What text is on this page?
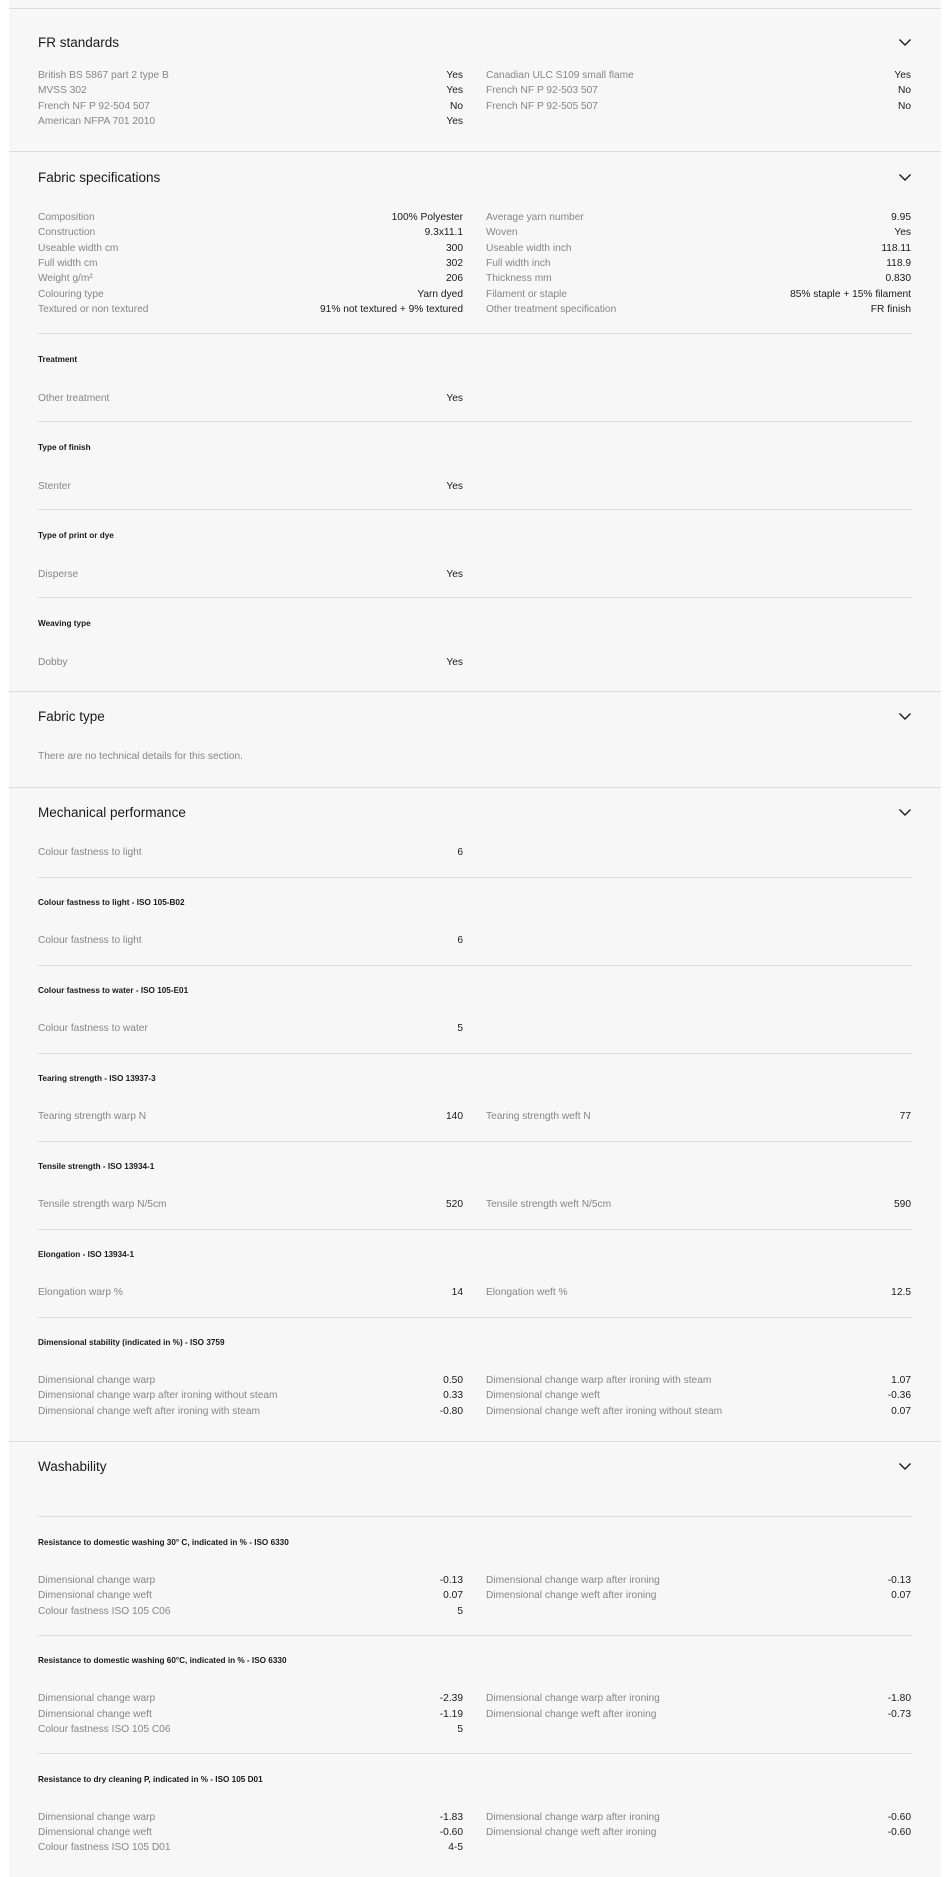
FR standards
British BS 5867 part 2 type B	Yes
MVSS 302	Yes
French NF P 92-504 507	No
American NFPA 701 2010	Yes
Canadian ULC S109 small flame	Yes
French NF P 92-503 507	No
French NF P 92-505 507	No
Fabric specifications
Composition	100% Polyester
Construction	9.3x11.1
Useable width cm	300
Full width cm	302
Weight g/m²	206
Colouring type	Yarn dyed
Textured or non textured	91% not textured + 9% textured
Average yarn number	9.95
Woven	Yes
Useable width inch	118.11
Full width inch	118.9
Thickness mm	0.830
Filament or staple	85% staple + 15% filament
Other treatment specification	FR finish
Treatment
Other treatment	Yes
Type of finish
Stenter	Yes
Type of print or dye
Disperse	Yes
Weaving type
Dobby	Yes
Fabric type
There are no technical details for this section.
Mechanical performance
Colour fastness to light	6
Colour fastness to light - ISO 105-B02
Colour fastness to light	6
Colour fastness to water - ISO 105-E01
Colour fastness to water	5
Tearing strength - ISO 13937-3
Tearing strength warp N	140 Tearing strength weft N	77
Tensile strength - ISO 13934-1
Tensile strength warp N/5cm	520 Tensile strength weft N/5cm	590
Elongation - ISO 13934-1
Elongation warp %	14 Elongation weft %	12.5
Dimensional stability (indicated in %) - ISO 3759
Dimensional change warp	0.50
Dimensional change warp after ironing without steam	0.33
Dimensional change weft after ironing with steam	-0.80
Dimensional change warp after ironing with steam	1.07
Dimensional change weft	-0.36
Dimensional change weft after ironing without steam	0.07
Washability
Resistance to domestic washing 30° C, indicated in % - ISO 6330
Dimensional change warp	-0.13
Dimensional change weft	0.07
Colour fastness ISO 105 C06	5
Dimensional change warp after ironing	-0.13
Dimensional change weft after ironing	0.07
Resistance to domestic washing 60°C, indicated in % - ISO 6330
Dimensional change warp	-2.39
Dimensional change weft	-1.19
Colour fastness ISO 105 C06	5
Dimensional change warp after ironing	-1.80
Dimensional change weft after ironing	-0.73
Resistance to dry cleaning P, indicated in % - ISO 105 D01
Dimensional change warp	-1.83
Dimensional change weft	-0.60
Colour fastness ISO 105 D01	4-5
Dimensional change warp after ironing	-0.60
Dimensional change weft after ironing	-0.60
